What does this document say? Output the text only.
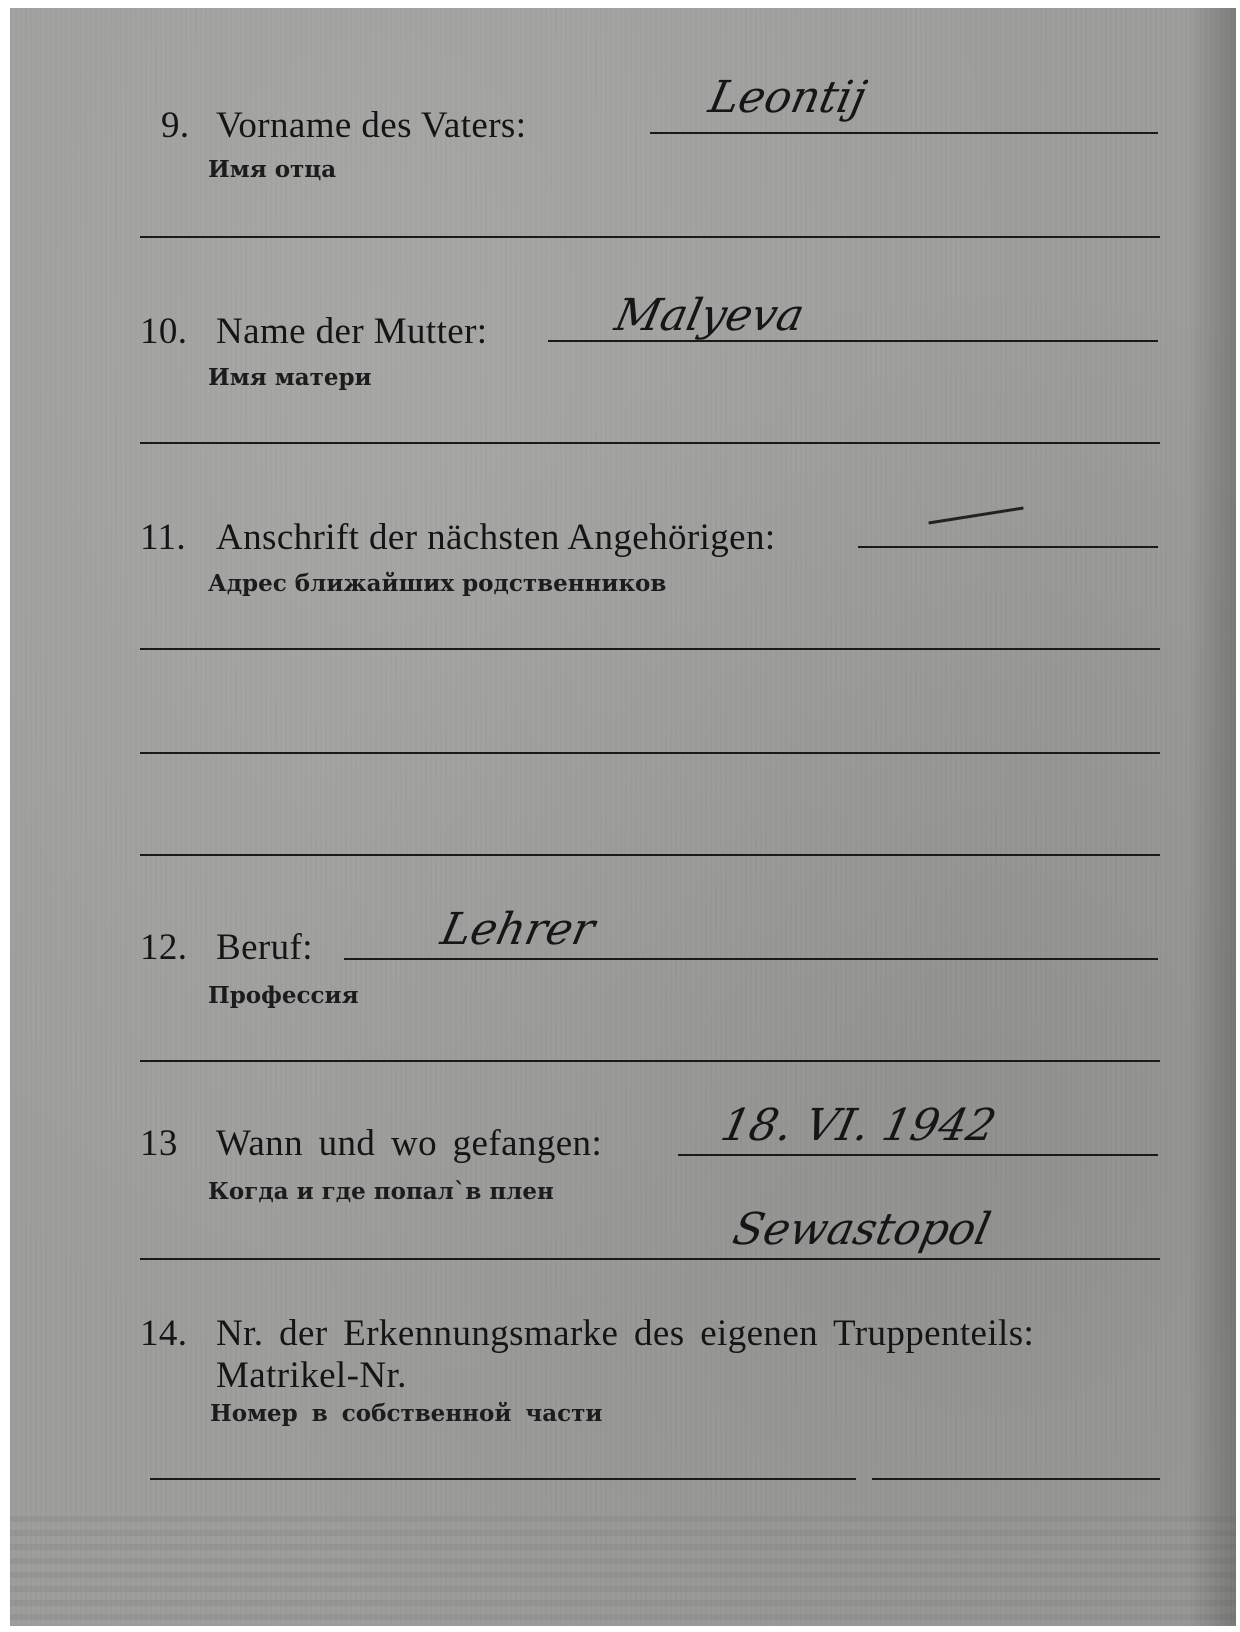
9. Vorname des Vaters:
Имя отца
Leontij
10. Name der Mutter:
Имя матери
Malyeva
11. Anschrift der nächsten Angehörigen:
Адрес ближайших родственников
12. Beruf:
Профессия
Lehrer
13 Wann und wo gefangen:
Когда и где попал`в плен
18. VI. 1942
Sewastopol
14. Nr. der Erkennungsmarke des eigenen Truppenteils:
Matrikel-Nr.
Номер в собственной части
